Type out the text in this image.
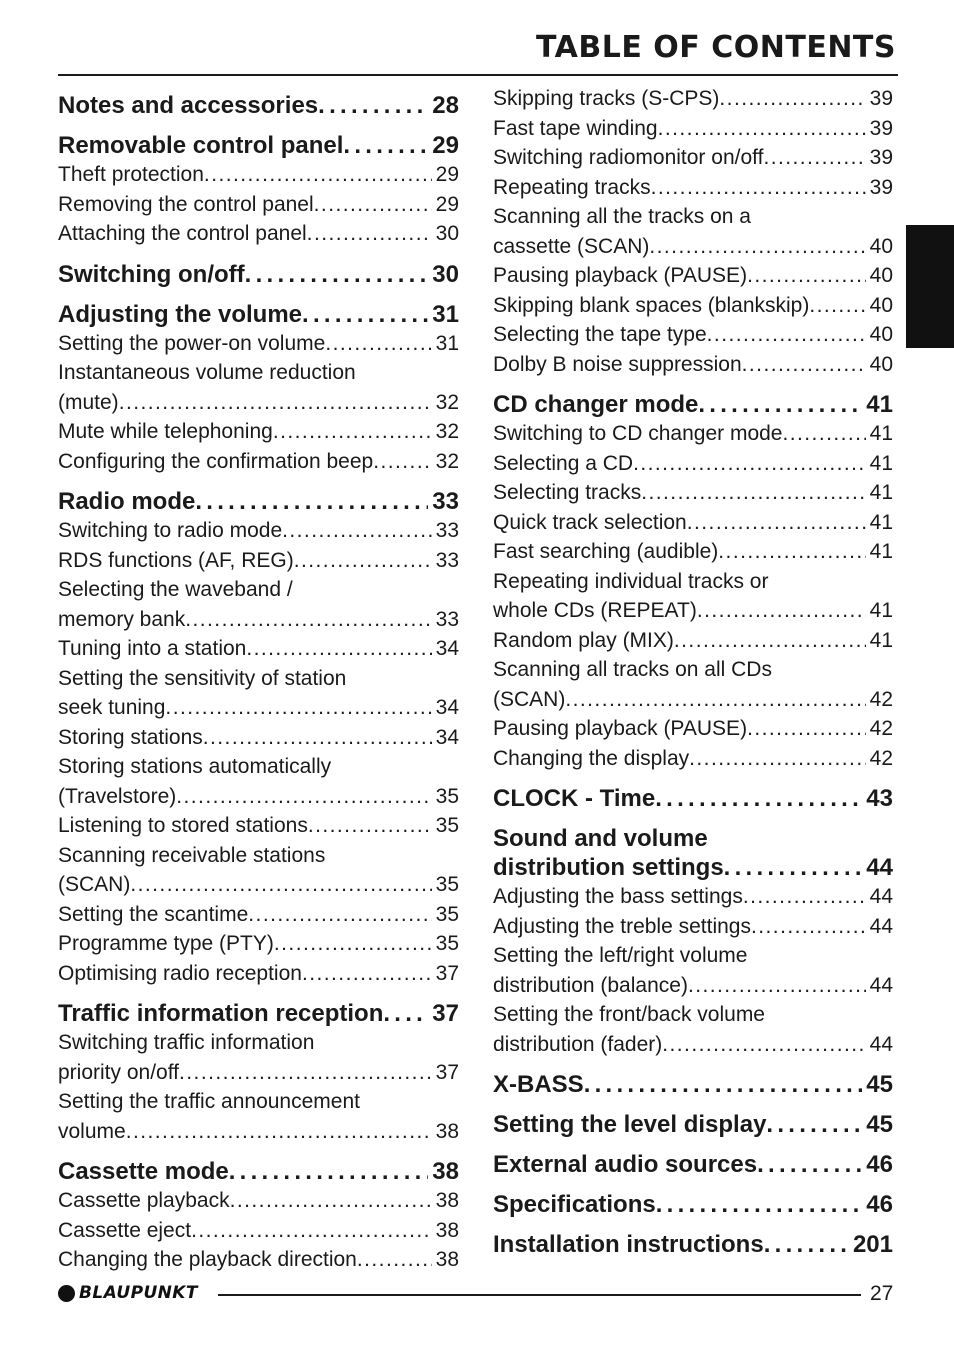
TABLE OF CONTENTS
Notes and accessories . . .	28
Removable control panel . . .	29
Theft protection . . .	29
Removing the control panel . . .	29
Attaching the control panel . . .	30
Switching on/off . . .	30
Adjusting the volume . . .	31
Setting the power-on volume . . .	31
Instantaneous volume reduction
(mute) . . .	32
Mute while telephoning . . .	32
Configuring the confirmation beep . . .	32
Radio mode . . .	33
Switching to radio mode . . .	33
RDS functions (AF, REG) . . .	33
Selecting the waveband /
memory bank . . .	33
Tuning into a station . . .	34
Setting the sensitivity of station
seek tuning . . .	34
Storing stations . . .	34
Storing stations automatically
(Travelstore) . . .	35
Listening to stored stations . . .	35
Scanning receivable stations
(SCAN) . . .	35
Setting the scantime . . .	35
Programme type (PTY) . . .	35
Optimising radio reception . . .	37
Traffic information reception . . . 37
Switching traffic information
priority on/off . . .	37
Setting the traffic announcement
volume . . .	38
Cassette mode . . .	38
Cassette playback . . .	38
Cassette eject . . .	38
Changing the playback direction . . .	38
Skipping tracks (S-CPS) . . .	39
Fast tape winding . . .	39
Switching radiomonitor on/off . . .	39
Repeating tracks . . .	39
Scanning all the tracks on a
cassette (SCAN) . . .	40
Pausing playback (PAUSE) . . .	40
Skipping blank spaces (blankskip) . . .	40
Selecting the tape type . . .	40
Dolby B noise suppression . . .	40
CD changer mode . . .	41
Switching to CD changer mode . . .	41
Selecting a CD . . .	41
Selecting tracks . . .	41
Quick track selection . . .	41
Fast searching (audible) . . .	41
Repeating individual tracks or
whole CDs (REPEAT) . . .	41
Random play (MIX) . . .	41
Scanning all tracks on all CDs
(SCAN) . . .	42
Pausing playback (PAUSE) . . .	42
Changing the display . . .	42
CLOCK - Time . . .	43
Sound and volume
distribution settings . . .	44
Adjusting the bass settings . . .	44
Adjusting the treble settings . . .	44
Setting the left/right volume
distribution (balance) . . .	44
Setting the front/back volume
distribution (fader) . . .	44
X-BASS . . .	45
Setting the level display . . .	45
External audio sources . . .	46
Specifications . . .	46
Installation instructions . . .	201
BLAUPUNKT	27
